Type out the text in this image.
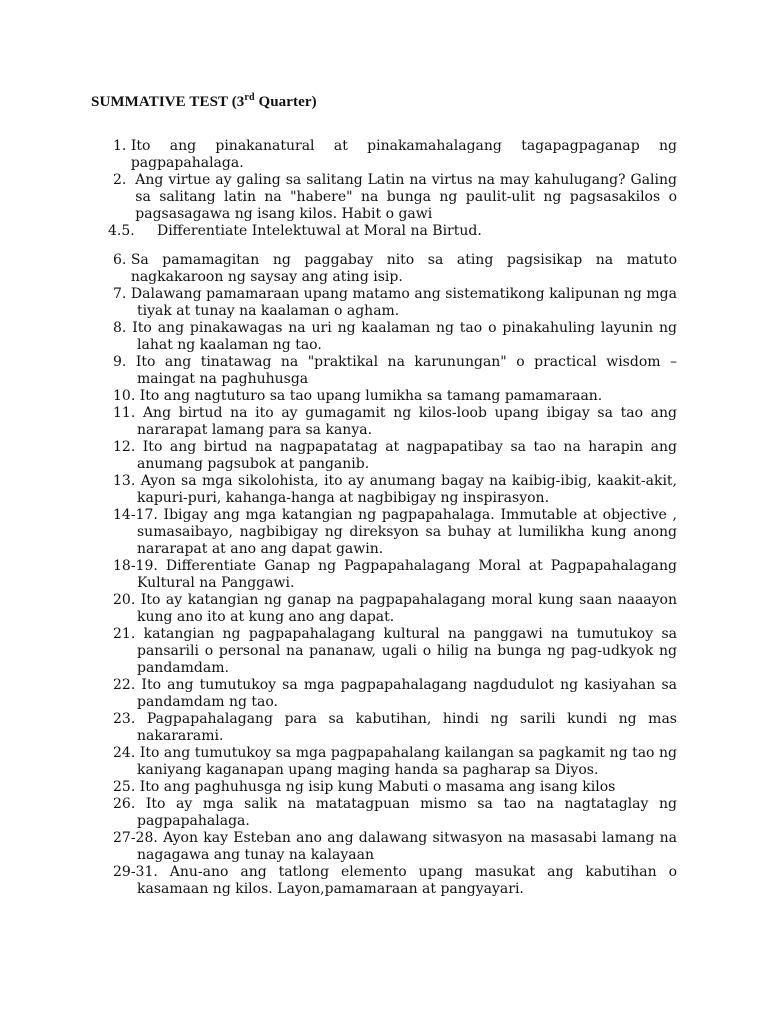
SUMMATIVE TEST (3rd Quarter)
1. Ito ang pinakanatural at pinakamahalagang tagapagpaganap ng pagpapahalaga.
2. Ang virtue ay galing sa salitang Latin na virtus na may kahulugang? Galing sa salitang latin na "habere" na bunga ng paulit-ulit ng pagsasakilos o pagsasagawa ng isang kilos. Habit o gawi
4.5. Differentiate Intelektuwal at Moral na Birtud.
6. Sa pamamagitan ng paggabay nito sa ating pagsisikap na matuto nagkakaroon ng saysay ang ating isip.
7. Dalawang pamamaraan upang matamo ang sistematikong kalipunan ng mga tiyak at tunay na kaalaman o agham.
8. Ito ang pinakawagas na uri ng kaalaman ng tao o pinakahuling layunin ng lahat ng kaalaman ng tao.
9. Ito ang tinatawag na "praktikal na karunungan" o practical wisdom – maingat na paghuhusga
10. Ito ang nagtuturo sa tao upang lumikha sa tamang pamamaraan.
11. Ang birtud na ito ay gumagamit ng kilos-loob upang ibigay sa tao ang nararapat lamang para sa kanya.
12. Ito ang birtud na nagpapatatag at nagpapatibay sa tao na harapin ang anumang pagsubok at panganib.
13. Ayon sa mga sikolohista, ito ay anumang bagay na kaibig-ibig, kaakit-akit, kapuri-puri, kahanga-hanga at nagbibigay ng inspirasyon.
14-17. Ibigay ang mga katangian ng pagpapahalaga. Immutable at objective , sumasaibayo, nagbibigay ng direksyon sa buhay at lumilikha kung anong nararapat at ano ang dapat gawin.
18-19. Differentiate Ganap ng Pagpapahalagang Moral at Pagpapahalagang Kultural na Panggawi.
20. Ito ay katangian ng ganap na pagpapahalagang moral kung saan naaayon kung ano ito at kung ano ang dapat.
21. katangian ng pagpapahalagang kultural na panggawi na tumutukoy sa pansarili o personal na pananaw, ugali o hilig na bunga ng pag-udkyok ng pandamdam.
22. Ito ang tumutukoy sa mga pagpapahalagang nagdudulot ng kasiyahan sa pandamdam ng tao.
23. Pagpapahalagang para sa kabutihan, hindi ng sarili kundi ng mas nakararami.
24. Ito ang tumutukoy sa mga pagpapahalang kailangan sa pagkamit ng tao ng kaniyang kaganapan upang maging handa sa pagharap sa Diyos.
25. Ito ang paghuhusga ng isip kung Mabuti o masama ang isang kilos
26. Ito ay mga salik na matatagpuan mismo sa tao na nagtataglay ng pagpapahalaga.
27-28. Ayon kay Esteban ano ang dalawang sitwasyon na masasabi lamang na nagagawa ang tunay na kalayaan
29-31. Anu-ano ang tatlong elemento upang masukat ang kabutihan o kasamaan ng kilos. Layon,pamamaraan at pangyayari.
